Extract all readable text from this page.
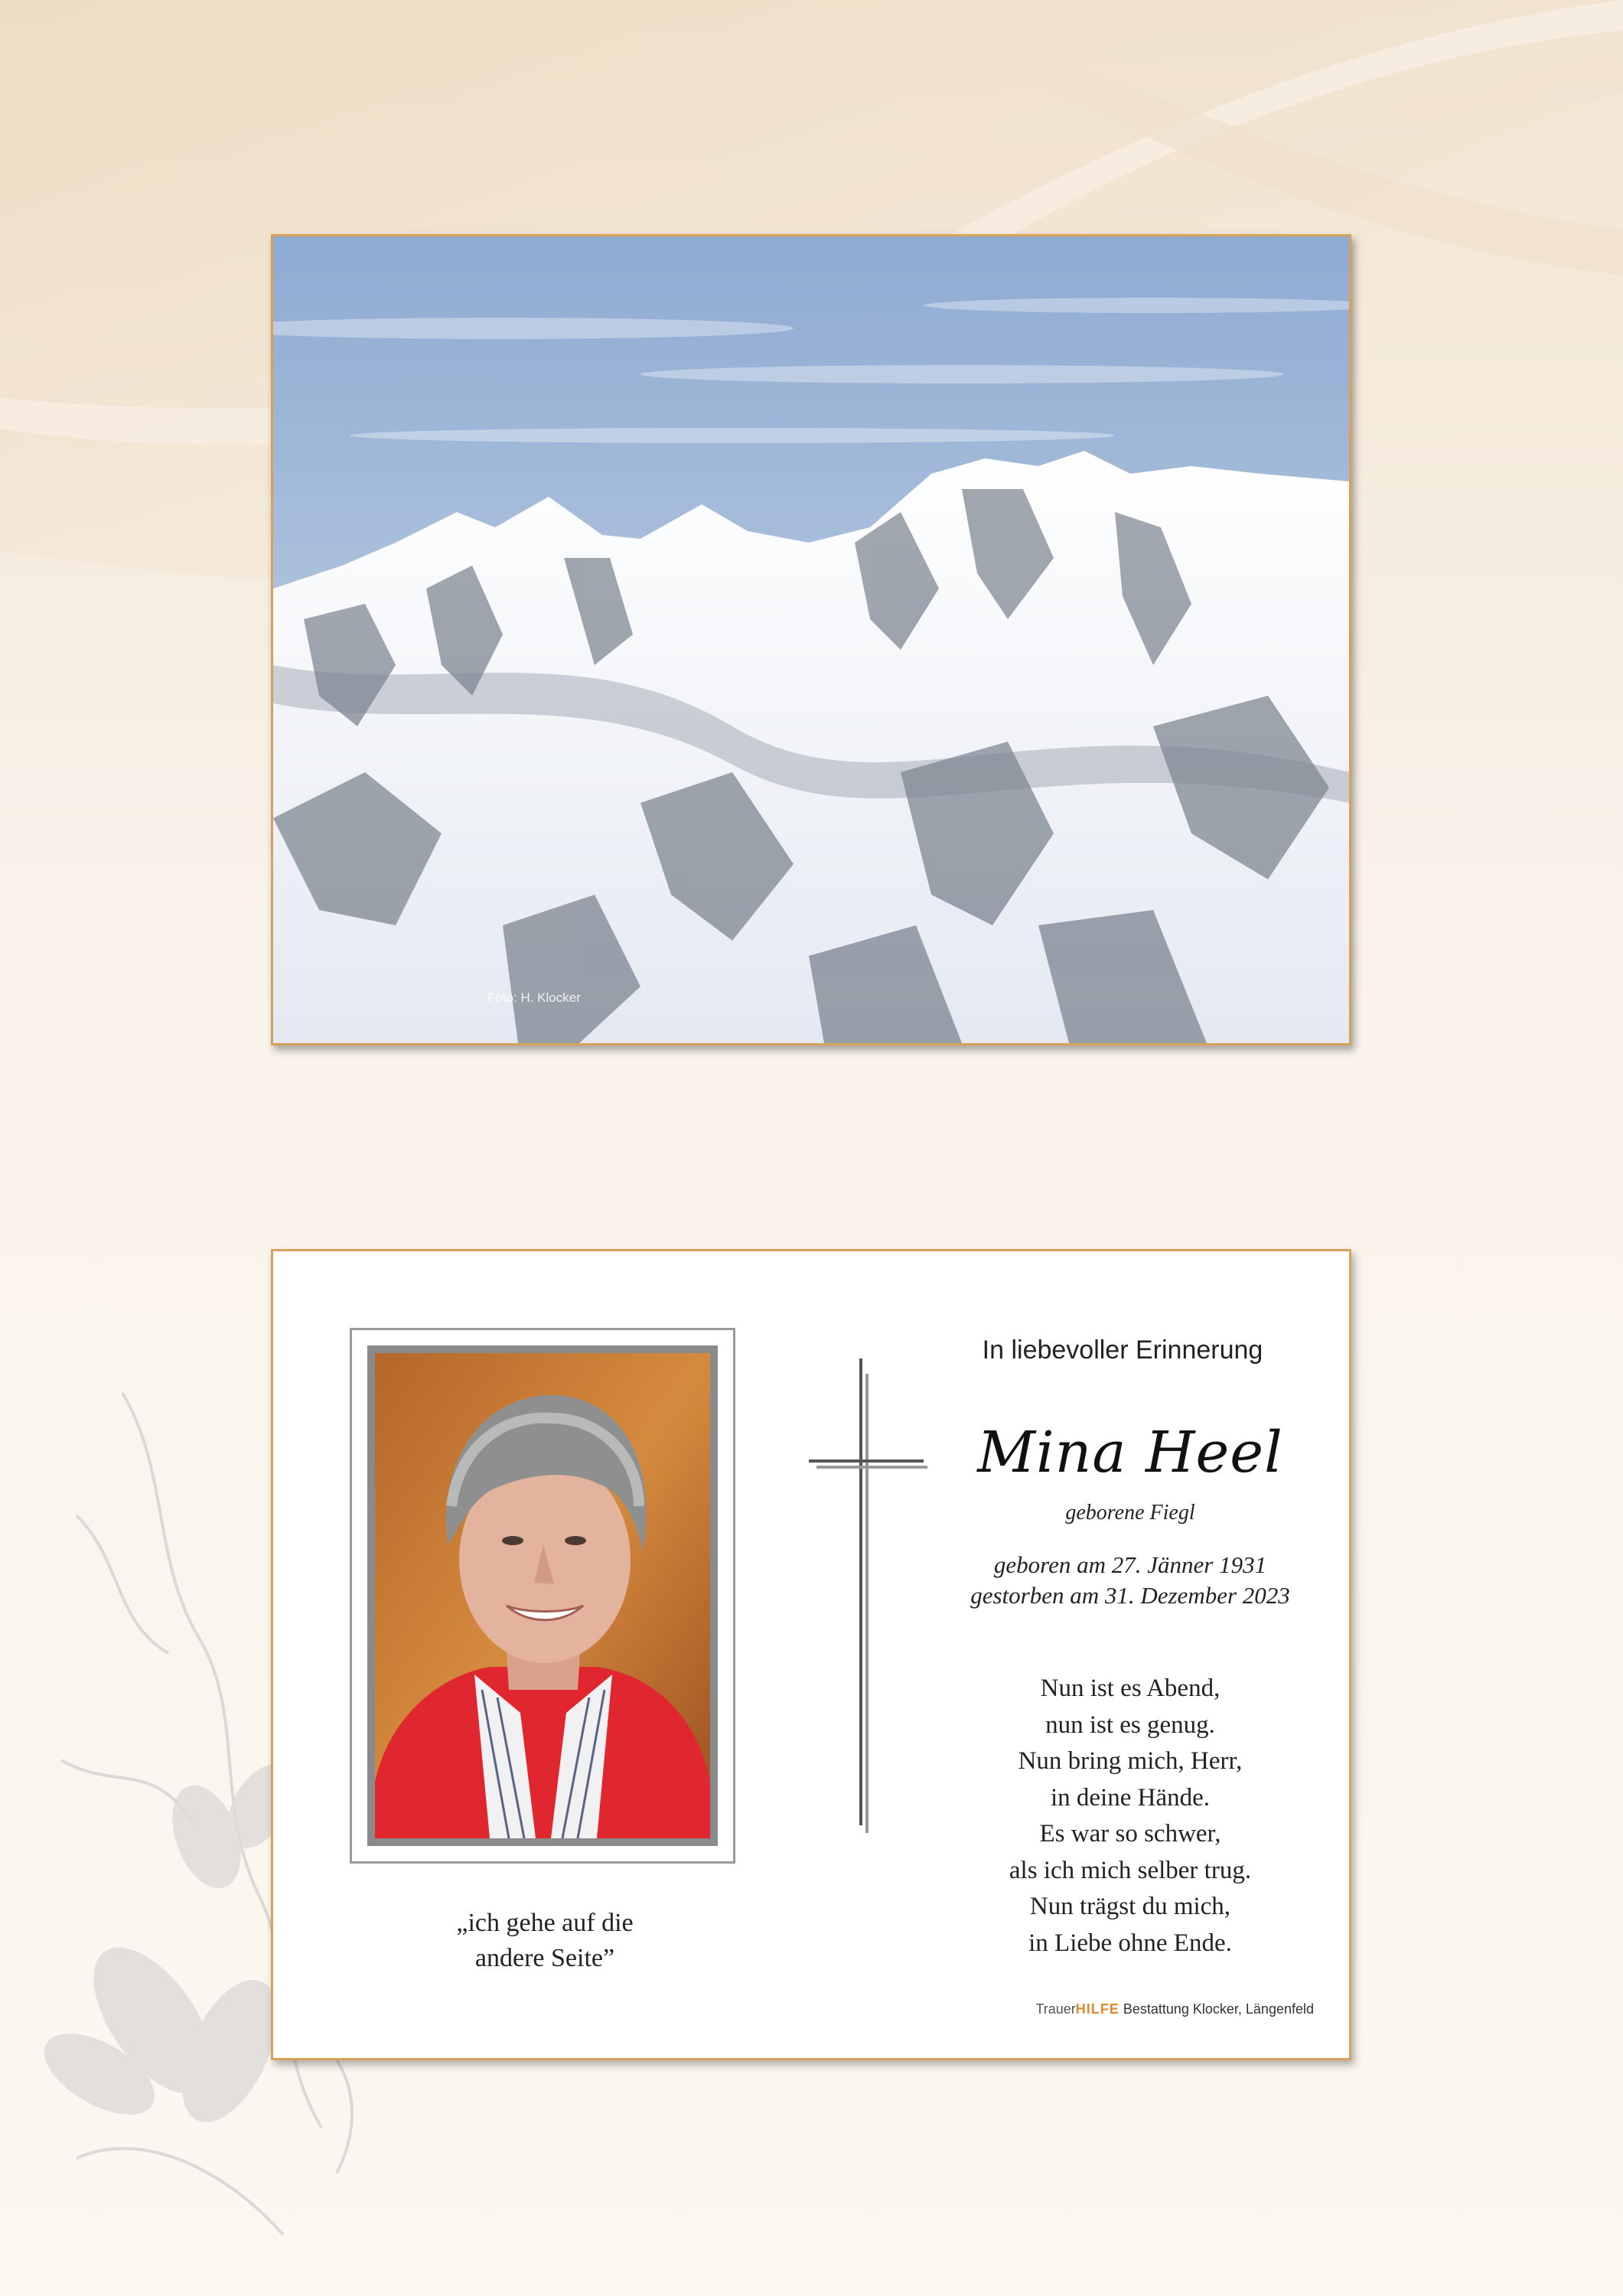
Foto: H. Klocker
„ich gehe auf die
andere Seite”
In liebevoller Erinnerung
Mina Heel
geborene Fiegl
geboren am 27. Jänner 1931
gestorben am 31. Dezember 2023
Nun ist es Abend,
nun ist es genug.
Nun bring mich, Herr,
in deine Hände.
Es war so schwer,
als ich mich selber trug.
Nun trägst du mich,
in Liebe ohne Ende.
TrauerHILFE Bestattung Klocker, Längenfeld
